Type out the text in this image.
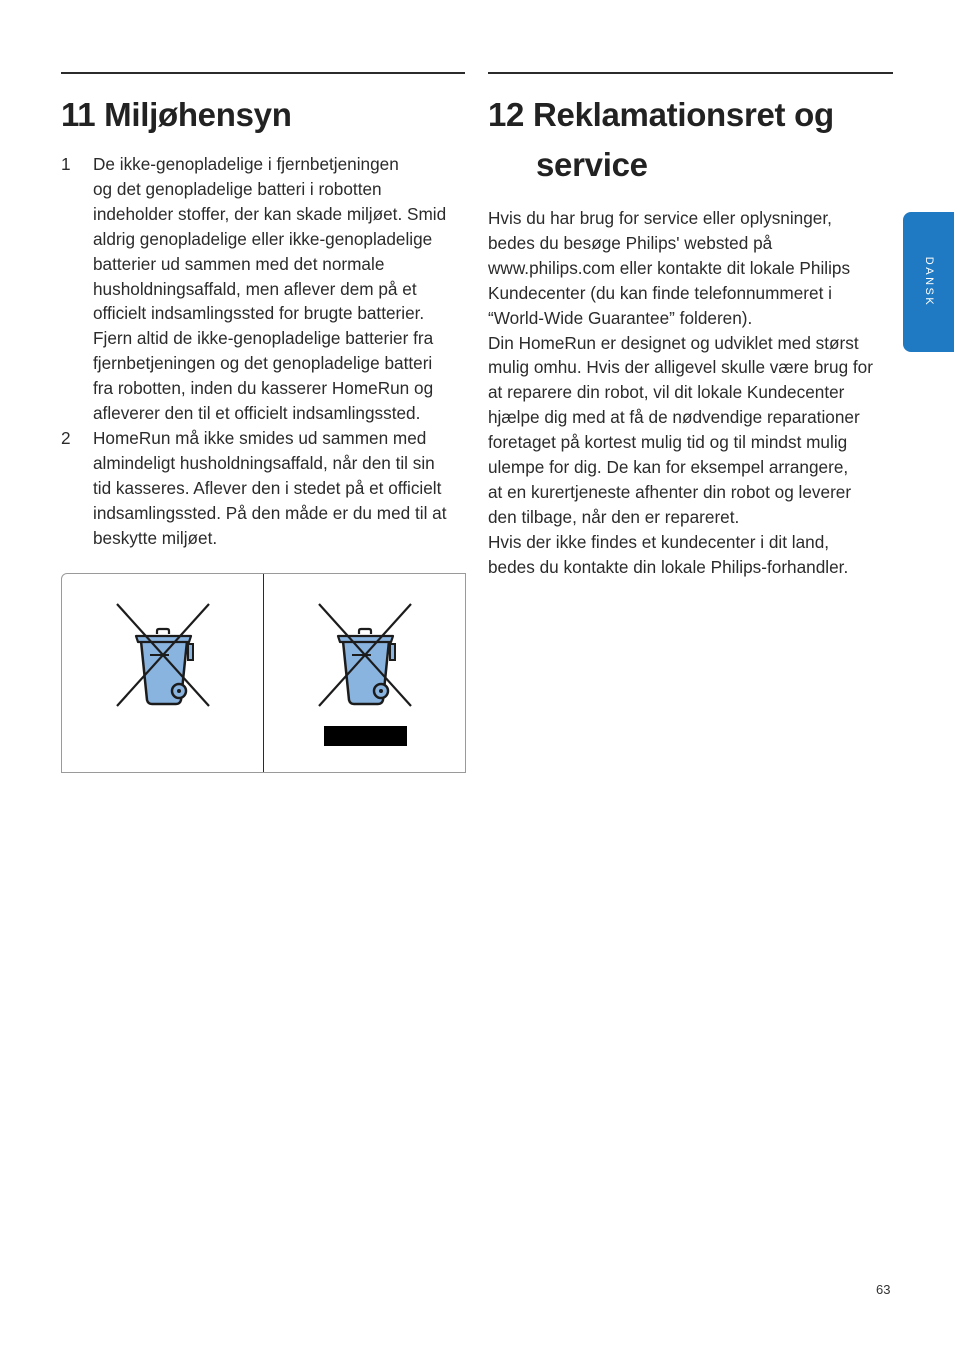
11 Miljøhensyn
1 De ikke-genopladelige i fjernbetjeningen
og det genopladelige batteri i robotten
indeholder stoffer, der kan skade miljøet. Smid
aldrig genopladelige eller ikke-genopladelige
batterier ud sammen med det normale
husholdningsaffald, men aflever dem på et
officielt indsamlingssted for brugte batterier.
Fjern altid de ikke-genopladelige batterier fra
fjernbetjeningen og det genopladelige batteri
fra robotten, inden du kasserer HomeRun og
afleverer den til et officielt indsamlingssted.
2 HomeRun må ikke smides ud sammen med
almindeligt husholdningsaffald, når den til sin
tid kasseres. Aflever den i stedet på et officielt
indsamlingssted. På den måde er du med til at
beskytte miljøet.
12 Reklamationsret og
service

Hvis du har brug for service eller oplysninger,

bedes du besøge Philips' websted på

www.philips.com eller kontakte dit lokale Philips

Kundecenter (du kan finde telefonnummeret i

“World-Wide Guarantee” folderen).

Din HomeRun er designet og udviklet med størst

mulig omhu. Hvis der alligevel skulle være brug for

at reparere din robot, vil dit lokale Kundecenter

hjælpe dig med at få de nødvendige reparationer

foretaget på kortest mulig tid og til mindst mulig

ulempe for dig. De kan for eksempel arrangere,

at en kurertjeneste afhenter din robot og leverer

den tilbage, når den er repareret.

Hvis der ikke findes et kundecenter i dit land,

bedes du kontakte din lokale Philips-forhandler.

DANSK
63
